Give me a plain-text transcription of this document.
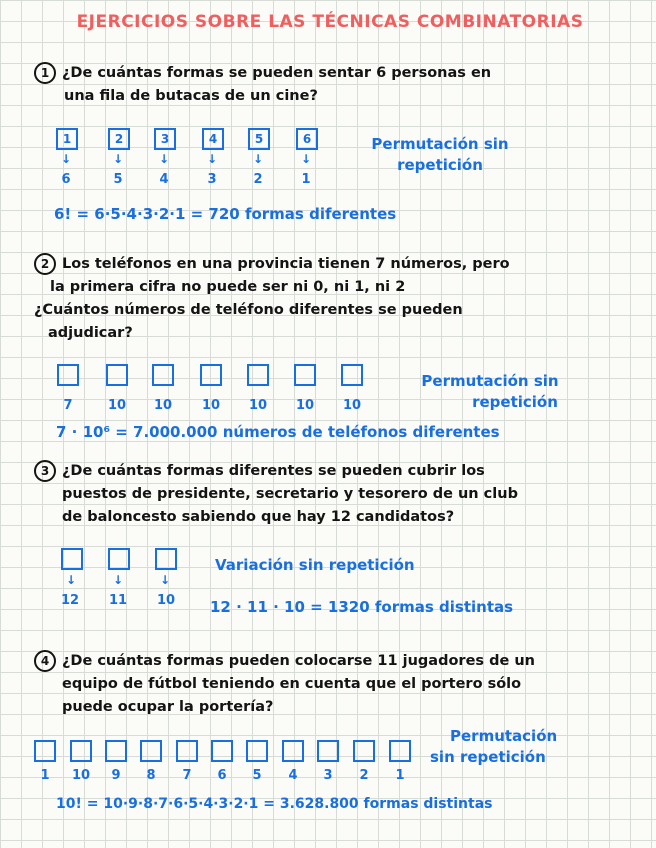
EJERCICIOS SOBRE LAS TÉCNICAS COMBINATORIAS
1 ¿De cuántas formas se pueden sentar 6 personas en
una fila de butacas de un cine?
1	2	3	4	5	6
↓	↓	↓	↓	↓	↓
6	5	4	3	2	1
Permutación sin
repetición
6! = 6·5·4·3·2·1 = 720 formas diferentes
2 Los teléfonos en una provincia tienen 7 números, pero
la primera cifra no puede ser ni 0, ni 1, ni 2
¿Cuántos números de teléfono diferentes se pueden
adjudicar?
7	10	10	10	10	10	10
Permutación sin
repetición
7 · 10⁶ = 7.000.000 números de teléfonos diferentes
3 ¿De cuántas formas diferentes se pueden cubrir los
puestos de presidente, secretario y tesorero de un club
de baloncesto sabiendo que hay 12 candidatos?
↓	↓	↓
12	11	10
Variación sin repetición
12 · 11 · 10 = 1320 formas distintas
4 ¿De cuántas formas pueden colocarse 11 jugadores de un
equipo de fútbol teniendo en cuenta que el portero sólo
puede ocupar la portería?
1	10	9	8	7	6	5	4	3	2	1
Permutación
sin repetición
10! = 10·9·8·7·6·5·4·3·2·1 = 3.628.800 formas distintas
